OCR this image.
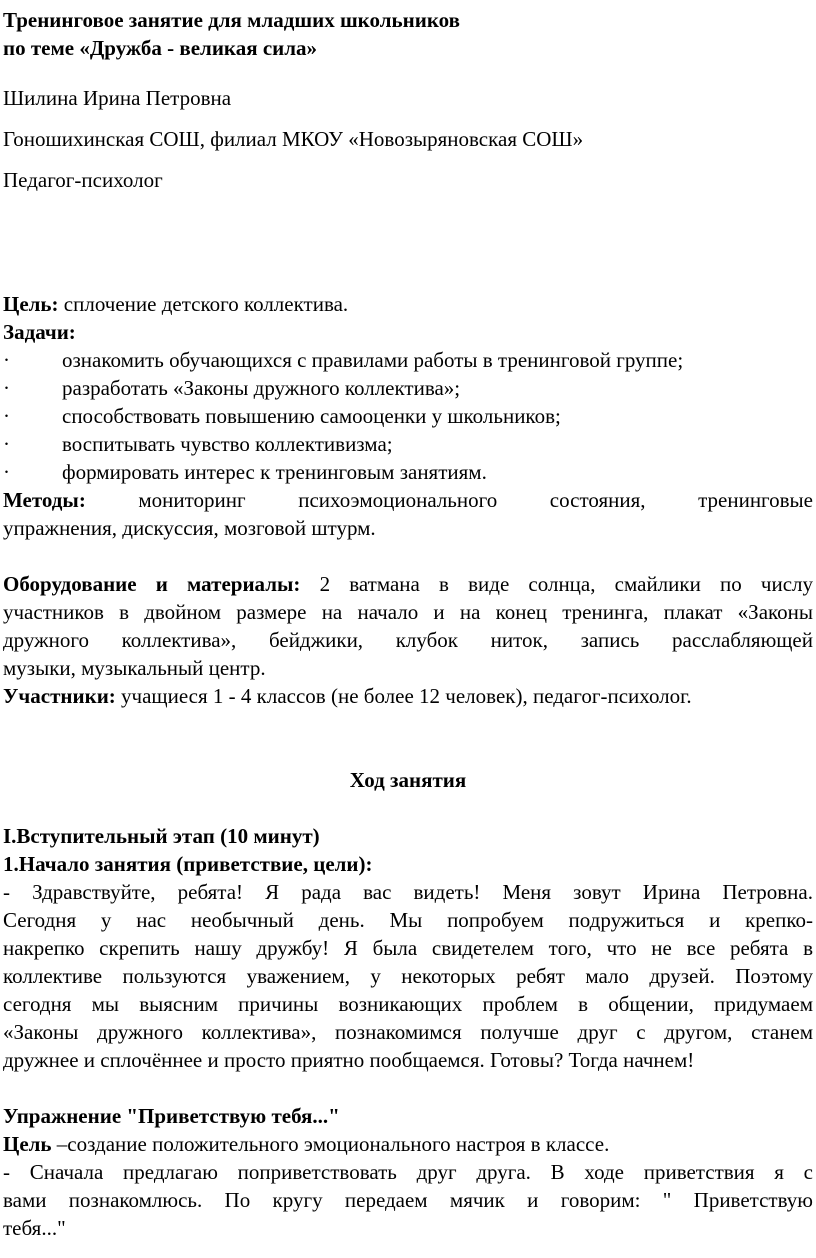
Тренинговое занятие для младших школьников
по теме «Дружба - великая сила»
Шилина Ирина Петровна
Гоношихинская СОШ, филиал МКОУ «Новозыряновская СОШ»
Педагог-психолог
Цель: сплочение детского коллектива.
Задачи:
·	ознакомить обучающихся с правилами работы в тренинговой группе;
·	разработать «Законы дружного коллектива»;
·	способствовать повышению самооценки у школьников;
·	воспитывать чувство коллективизма;
·	формировать интерес к тренинговым занятиям.
Методы: мониторинг психоэмоционального состояния, тренинговые
упражнения, дискуссия, мозговой штурм.
Оборудование и материалы: 2 ватмана в виде солнца, смайлики по числу
участников в двойном размере на начало и на конец тренинга, плакат «Законы
дружного коллектива», бейджики, клубок ниток, запись расслабляющей
музыки, музыкальный центр.
Участники: учащиеся 1 - 4 классов (не более 12 человек), педагог-психолог.
Ход занятия
I.Вступительный этап (10 минут)
1.Начало занятия (приветствие, цели):
- Здравствуйте, ребята! Я рада вас видеть! Меня зовут Ирина Петровна.
Сегодня у нас необычный день. Мы попробуем подружиться и крепко-
накрепко скрепить нашу дружбу! Я была свидетелем того, что не все ребята в
коллективе пользуются уважением, у некоторых ребят мало друзей. Поэтому
сегодня мы выясним причины возникающих проблем в общении, придумаем
«Законы дружного коллектива», познакомимся получше друг с другом, станем
дружнее и сплочённее и просто приятно пообщаемся. Готовы? Тогда начнем!
Упражнение "Приветствую тебя..."
Цель –создание положительного эмоционального настроя в классе.
- Сначала предлагаю поприветствовать друг друга. В ходе приветствия я с
вами познакомлюсь. По кругу передаем мячик и говорим: " Приветствую
тебя..."
